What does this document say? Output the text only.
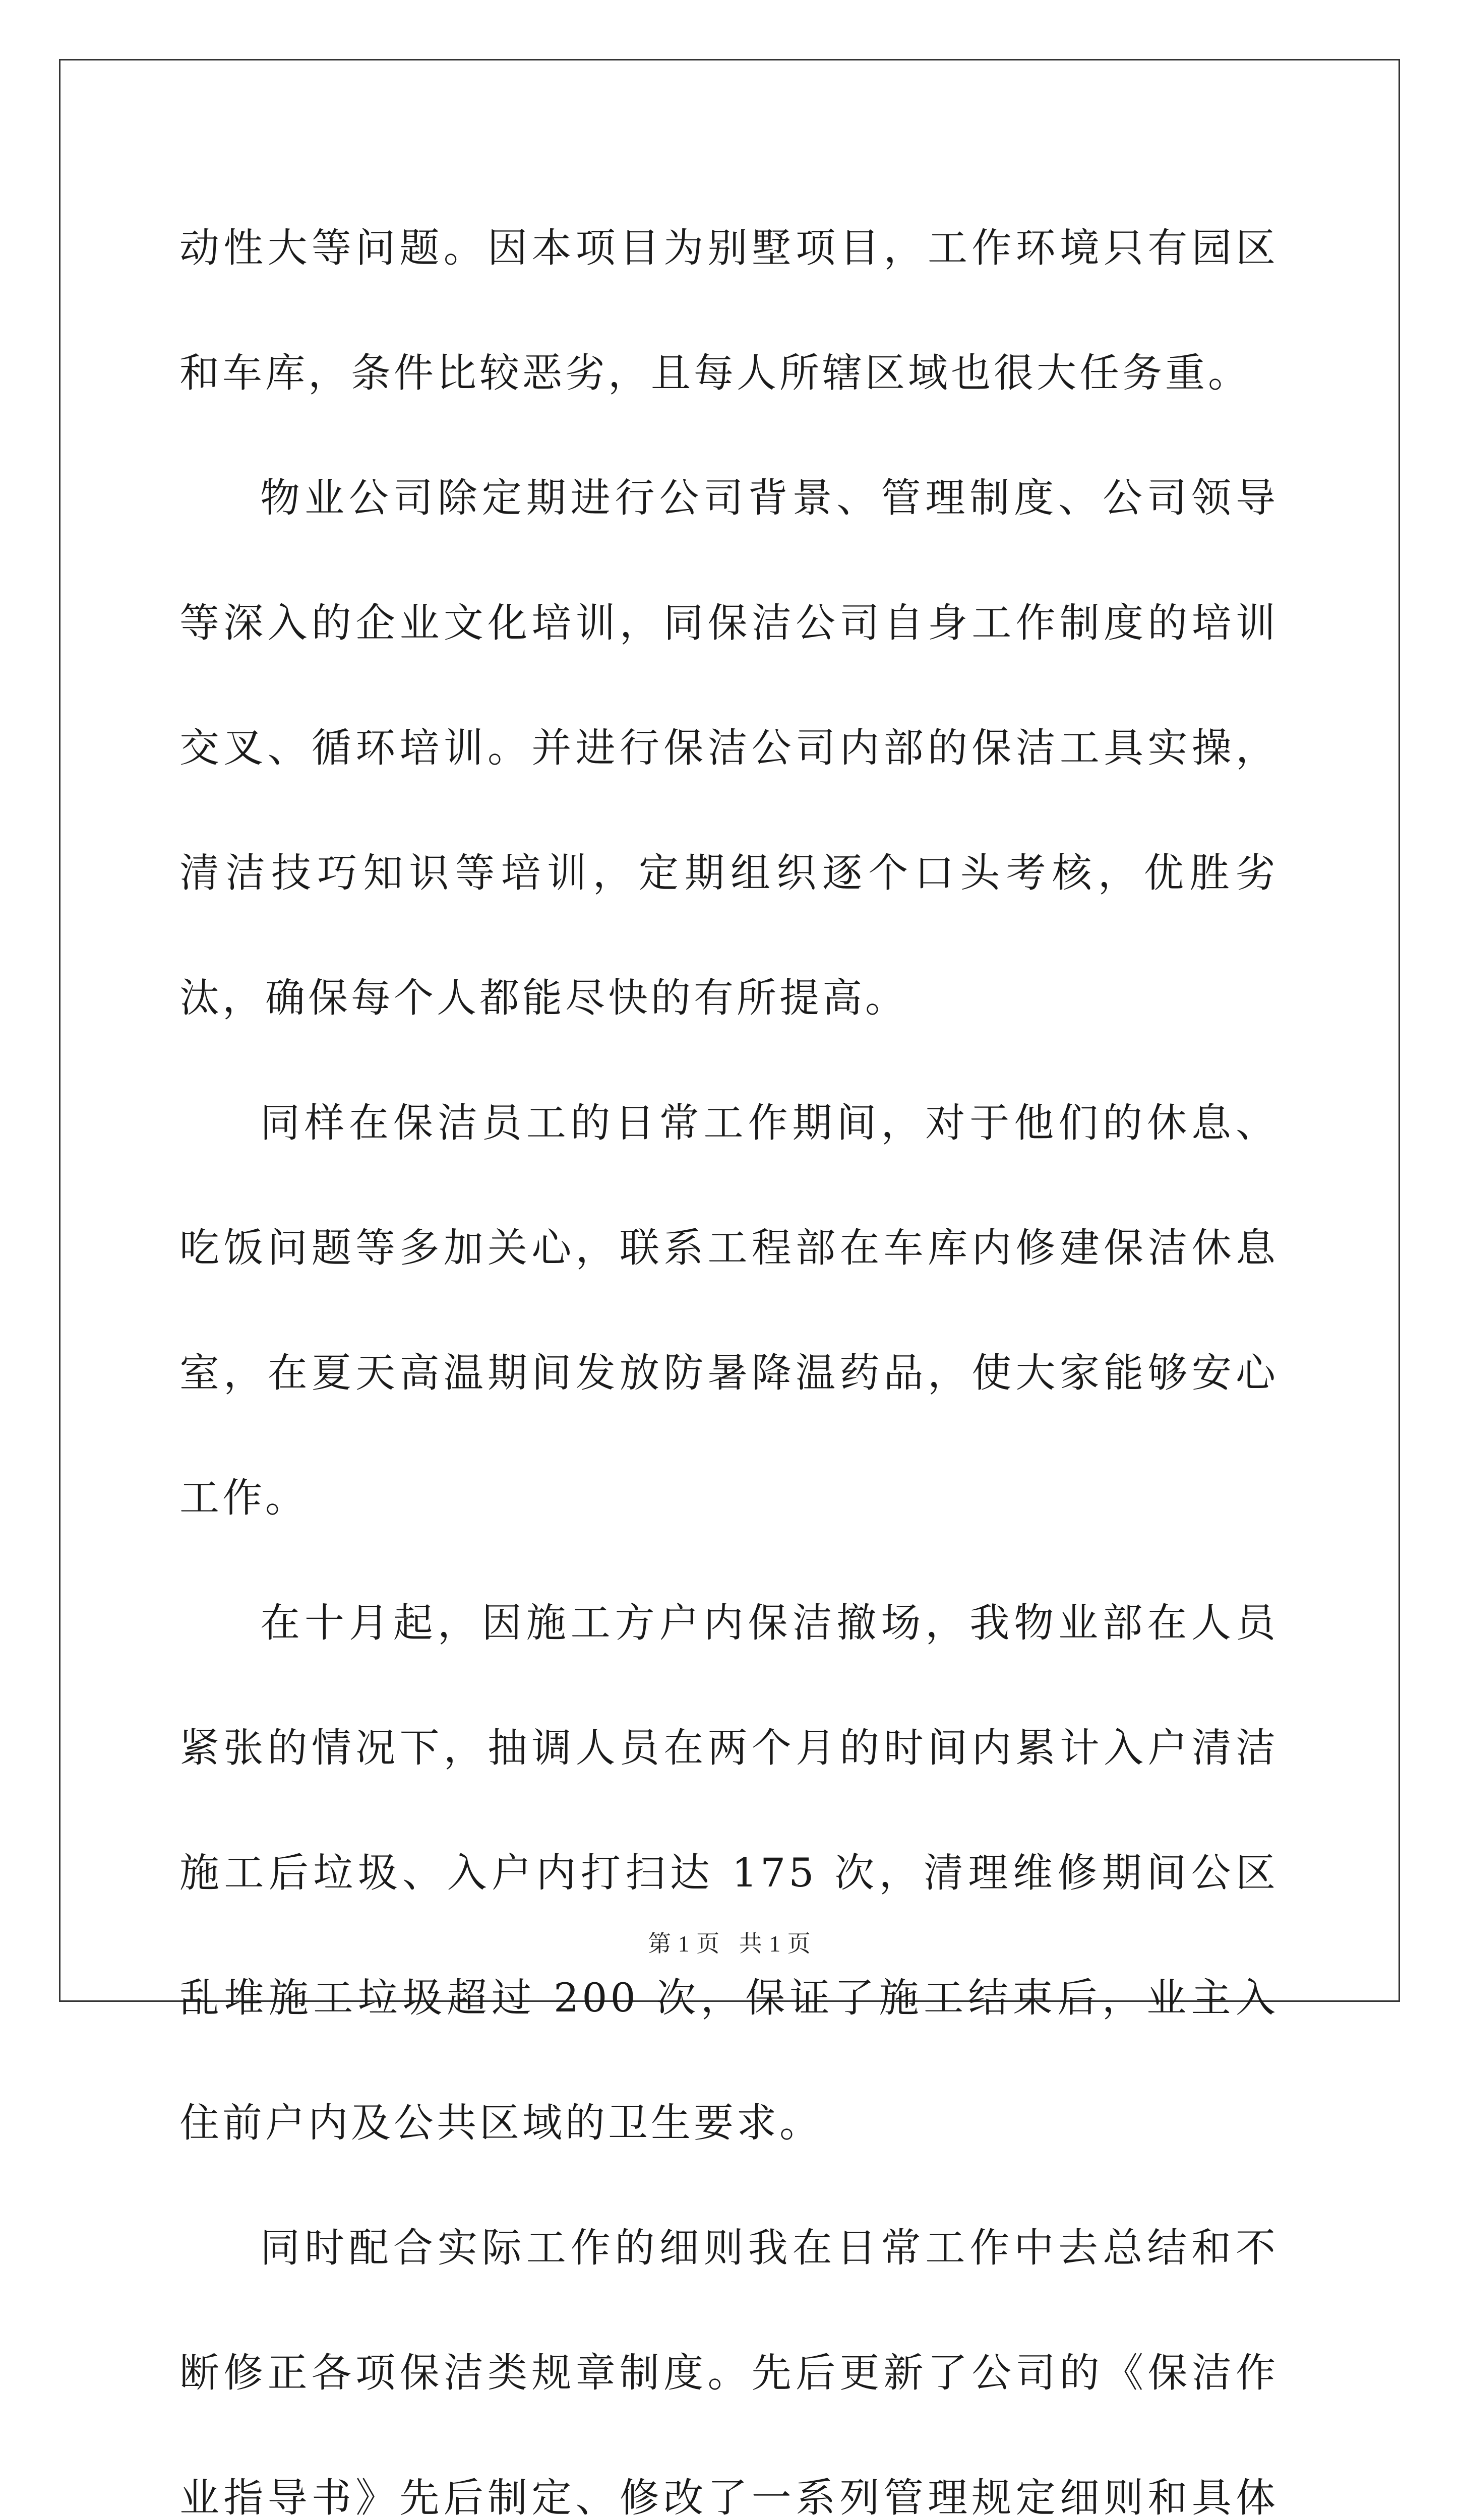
动性大等问题。因本项目为别墅项目，工作环境只有园区和车库，条件比较恶劣，且每人所辖区域也很大任务重。

物业公司除定期进行公司背景、管理制度、公司领导等深入的企业文化培训，同保洁公司自身工作制度的培训交叉、循环培训。并进行保洁公司内部的保洁工具实操，清洁技巧知识等培训，定期组织逐个口头考核，优胜劣汰，确保每个人都能尽快的有所提高。

同样在保洁员工的日常工作期间，对于他们的休息、吃饭问题等多加关心，联系工程部在车库内修建保洁休息室，在夏天高温期间发放防暑降温药品，使大家能够安心工作。

在十月起，因施工方户内保洁撤场，我物业部在人员紧张的情况下，抽调人员在两个月的时间内累计入户清洁施工后垃圾、入户内打扫达 175 次，清理维修期间公区乱堆施工垃圾超过 200 次，保证了施工结束后，业主入住前户内及公共区域的卫生要求。

同时配合实际工作的细则我在日常工作中去总结和不断修正各项保洁类规章制度。先后更新了公司的《保洁作业指导书》先后制定、修改了一系列管理规定细则和具体

第 1 页 共 1 页
